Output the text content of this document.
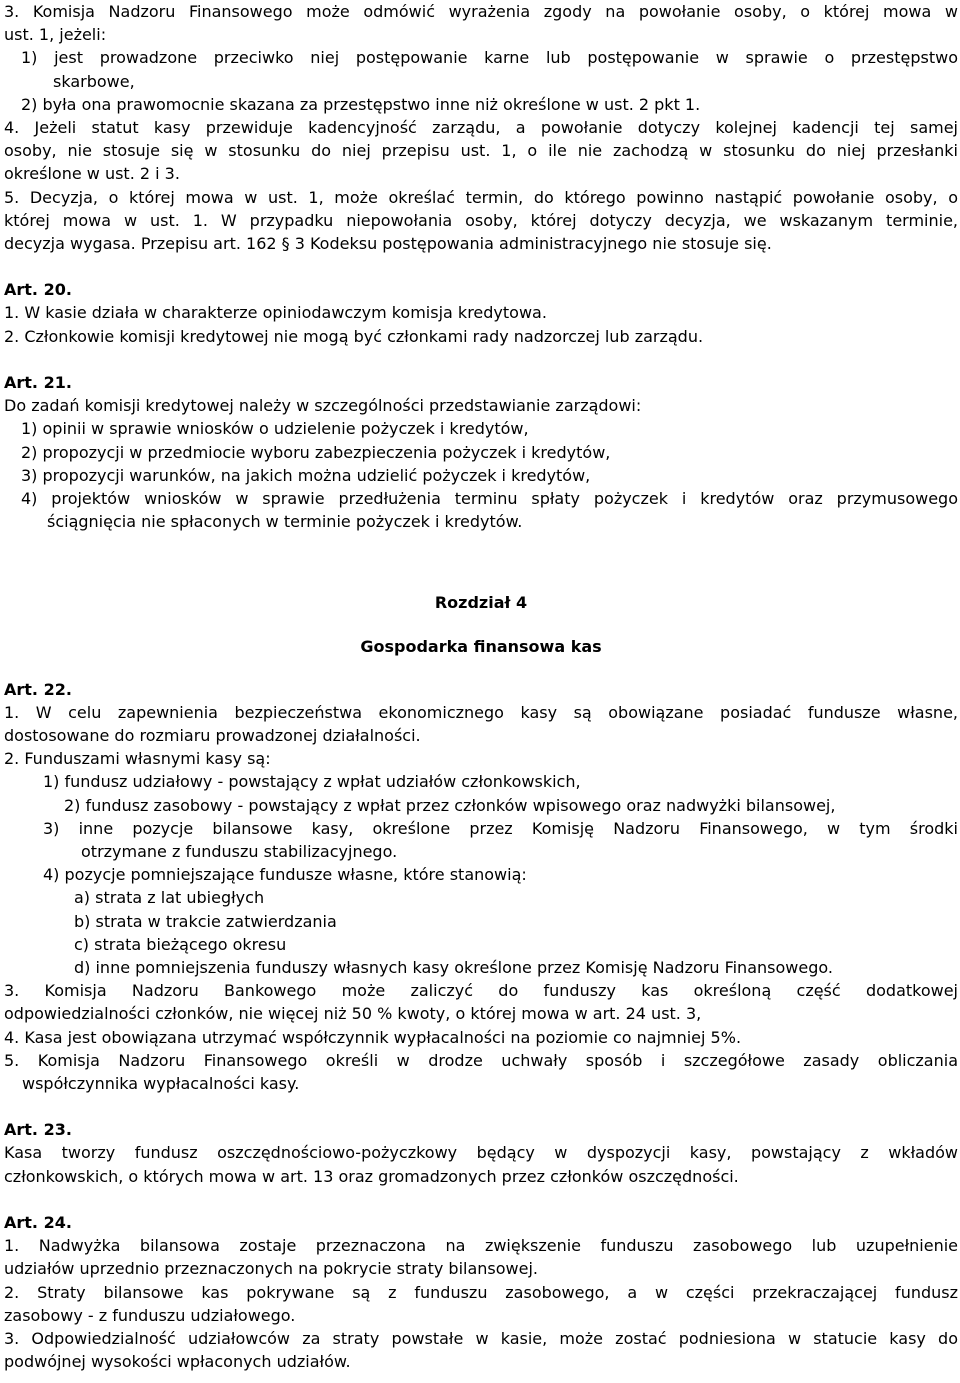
3. Komisja Nadzoru Finansowego może odmówić wyrażenia zgody na powołanie osoby, o której mowa w
ust. 1, jeżeli:
1) jest prowadzone przeciwko niej postępowanie karne lub postępowanie w sprawie o przestępstwo
skarbowe,
2) była ona prawomocnie skazana za przestępstwo inne niż określone w ust. 2 pkt 1.
4. Jeżeli statut kasy przewiduje kadencyjność zarządu, a powołanie dotyczy kolejnej kadencji tej samej
osoby, nie stosuje się w stosunku do niej przepisu ust. 1, o ile nie zachodzą w stosunku do niej przesłanki
określone w ust. 2 i 3.
5. Decyzja, o której mowa w ust. 1, może określać termin, do którego powinno nastąpić powołanie osoby, o
której mowa w ust. 1. W przypadku niepowołania osoby, której dotyczy decyzja, we wskazanym terminie,
decyzja wygasa. Przepisu art. 162 § 3 Kodeksu postępowania administracyjnego nie stosuje się.
Art. 20.
1. W kasie działa w charakterze opiniodawczym komisja kredytowa.
2. Członkowie komisji kredytowej nie mogą być członkami rady nadzorczej lub zarządu.
Art. 21.
Do zadań komisji kredytowej należy w szczególności przedstawianie zarządowi:
1) opinii w sprawie wniosków o udzielenie pożyczek i kredytów,
2) propozycji w przedmiocie wyboru zabezpieczenia pożyczek i kredytów,
3) propozycji warunków, na jakich można udzielić pożyczek i kredytów,
4) projektów wniosków w sprawie przedłużenia terminu spłaty pożyczek i kredytów oraz przymusowego
ściągnięcia nie spłaconych w terminie pożyczek i kredytów.
Rozdział 4
Gospodarka finansowa kas
Art. 22.
1. W celu zapewnienia bezpieczeństwa ekonomicznego kasy są obowiązane posiadać fundusze własne,
dostosowane do rozmiaru prowadzonej działalności.
2. Funduszami własnymi kasy są:
1) fundusz udziałowy - powstający z wpłat udziałów członkowskich,
2) fundusz zasobowy - powstający z wpłat przez członków wpisowego oraz nadwyżki bilansowej,
3) inne pozycje bilansowe kasy, określone przez Komisję Nadzoru Finansowego, w tym środki
otrzymane z funduszu stabilizacyjnego.
4) pozycje pomniejszające fundusze własne, które stanowią:
a) strata z lat ubiegłych
b) strata w trakcie zatwierdzania
c) strata bieżącego okresu
d) inne pomniejszenia funduszy własnych kasy określone przez Komisję Nadzoru Finansowego.
3. Komisja Nadzoru Bankowego może zaliczyć do funduszy kas określoną część dodatkowej
odpowiedzialności członków, nie więcej niż 50 % kwoty, o której mowa w art. 24 ust. 3,
4. Kasa jest obowiązana utrzymać współczynnik wypłacalności na poziomie co najmniej 5%.
5. Komisja Nadzoru Finansowego określi w drodze uchwały sposób i szczegółowe zasady obliczania
współczynnika wypłacalności kasy.
Art. 23.
Kasa tworzy fundusz oszczędnościowo-pożyczkowy będący w dyspozycji kasy, powstający z wkładów
członkowskich, o których mowa w art. 13 oraz gromadzonych przez członków oszczędności.
Art. 24.
1. Nadwyżka bilansowa zostaje przeznaczona na zwiększenie funduszu zasobowego lub uzupełnienie
udziałów uprzednio przeznaczonych na pokrycie straty bilansowej.
2. Straty bilansowe kas pokrywane są z funduszu zasobowego, a w części przekraczającej fundusz
zasobowy - z funduszu udziałowego.
3. Odpowiedzialność udziałowców za straty powstałe w kasie, może zostać podniesiona w statucie kasy do
podwójnej wysokości wpłaconych udziałów.
